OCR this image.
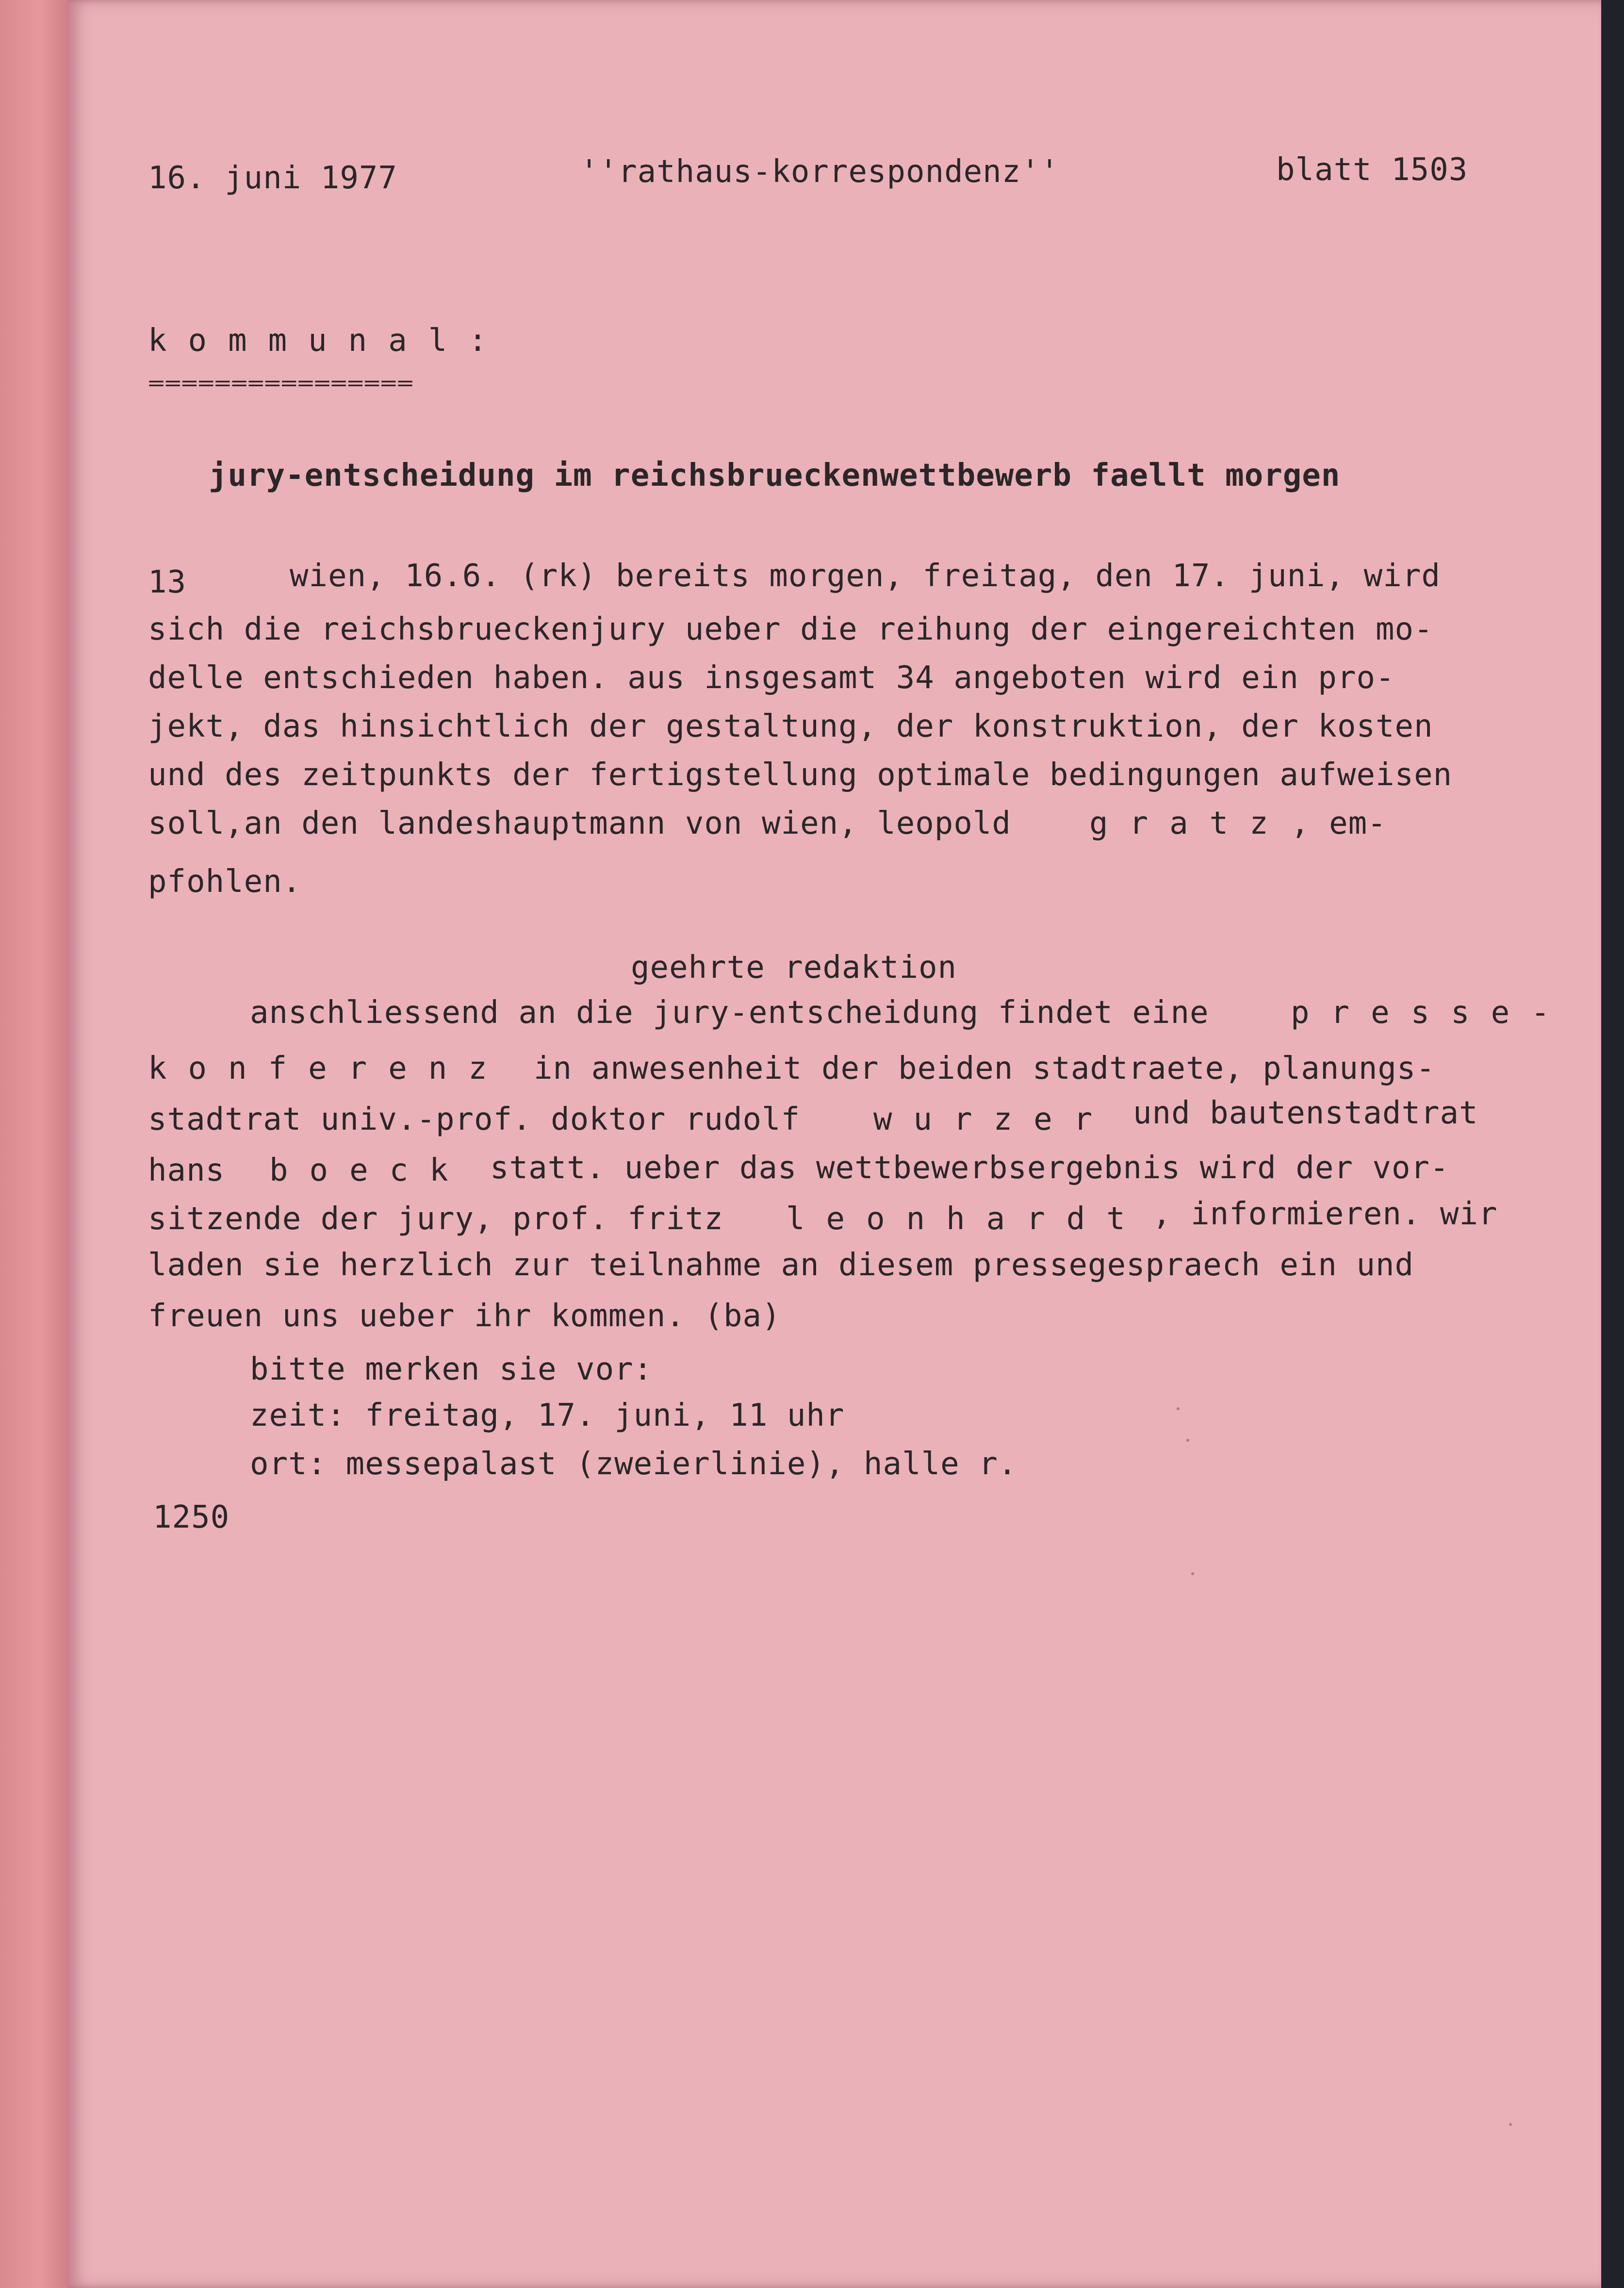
16. juni 1977	''rathaus-korrespondenz''	blatt 1503
kommunal:
================
jury-entscheidung im reichsbrueckenwettbewerb faellt morgen
13	wien, 16.6. (rk) bereits morgen, freitag, den 17. juni, wird
sich die reichsbrueckenjury ueber die reihung der eingereichten mo-
delle entschieden haben. aus insgesamt 34 angeboten wird ein pro-
jekt, das hinsichtlich der gestaltung, der konstruktion, der kosten
und des zeitpunkts der fertigstellung optimale bedingungen aufweisen
soll,an den landeshauptmann von wien, leopold	gratz , em-
pfohlen.
geehrte redaktion
anschliessend an die jury-entscheidung findet eine	presse-
konferenz in anwesenheit der beiden stadtraete, planungs-
stadtrat univ.-prof. doktor rudolf wurzer und bautenstadtrat
hans boeck statt. ueber das wettbewerbsergebnis wird der vor-
sitzende der jury, prof. fritz leonhardt , informieren. wir
laden sie herzlich zur teilnahme an diesem pressegespraech ein und
freuen uns ueber ihr kommen. (ba)
bitte merken sie vor:
zeit: freitag, 17. juni, 11 uhr
ort: messepalast (zweierlinie), halle r.
1250
